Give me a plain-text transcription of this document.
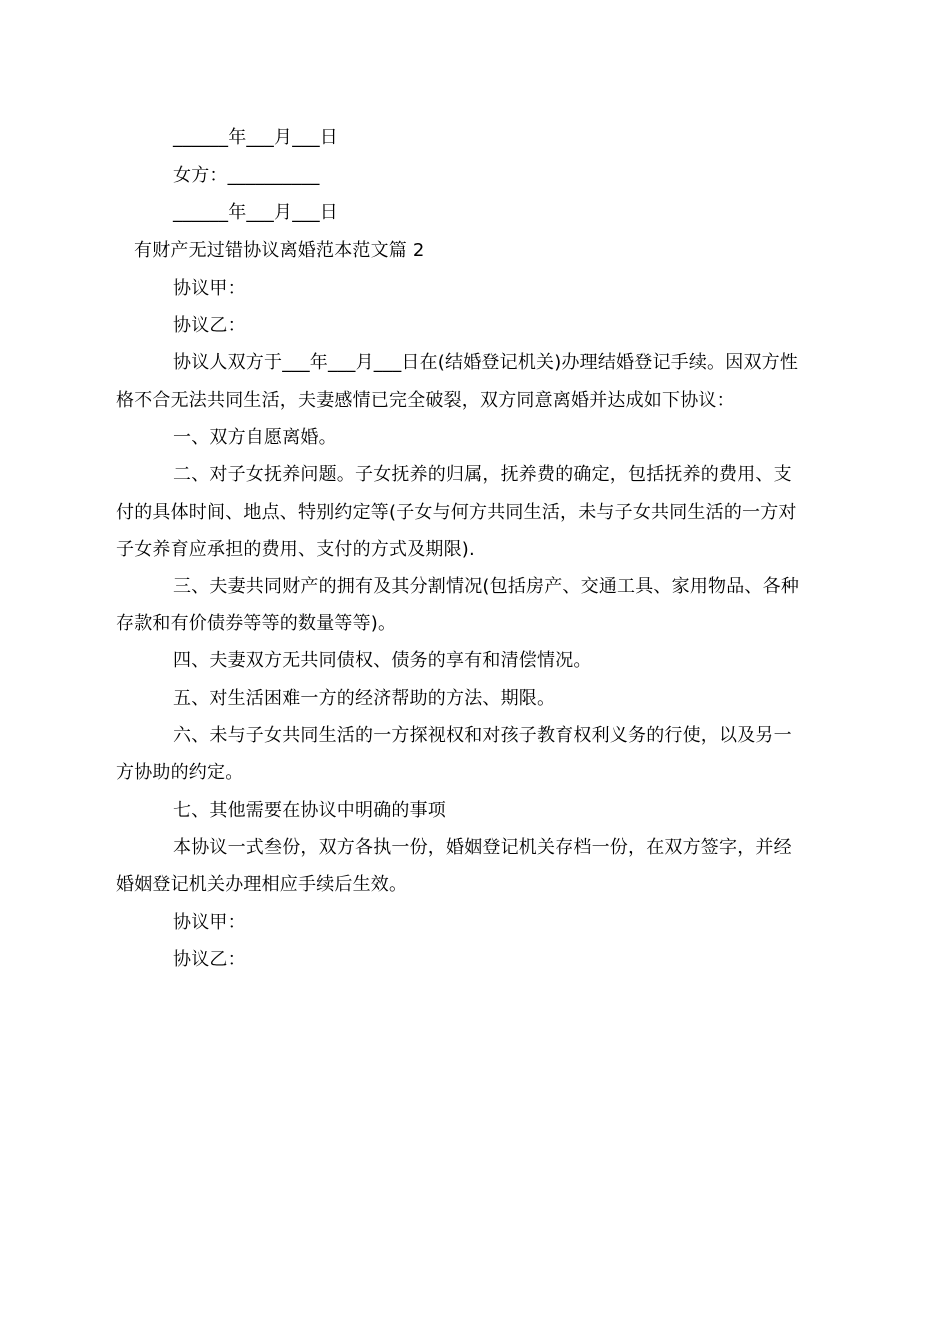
______年___月___日
女方：__________
______年___月___日
有财产无过错协议离婚范本范文篇 2
协议甲：
协议乙：
协议人双方于___年___月___日在(结婚登记机关)办理结婚登记手续。因双方性
格不合无法共同生活，夫妻感情已完全破裂，双方同意离婚并达成如下协议：
一、双方自愿离婚。
二、对子女抚养问题。子女抚养的归属，抚养费的确定，包括抚养的费用、支
付的具体时间、地点、特别约定等(子女与何方共同生活，未与子女共同生活的一方对
子女养育应承担的费用、支付的方式及期限).
三、夫妻共同财产的拥有及其分割情况(包括房产、交通工具、家用物品、各种
存款和有价债券等等的数量等等)。
四、夫妻双方无共同债权、债务的享有和清偿情况。
五、对生活困难一方的经济帮助的方法、期限。
六、未与子女共同生活的一方探视权和对孩子教育权利义务的行使，以及另一
方协助的约定。
七、其他需要在协议中明确的事项
本协议一式叁份，双方各执一份，婚姻登记机关存档一份，在双方签字，并经
婚姻登记机关办理相应手续后生效。
协议甲：
协议乙：
